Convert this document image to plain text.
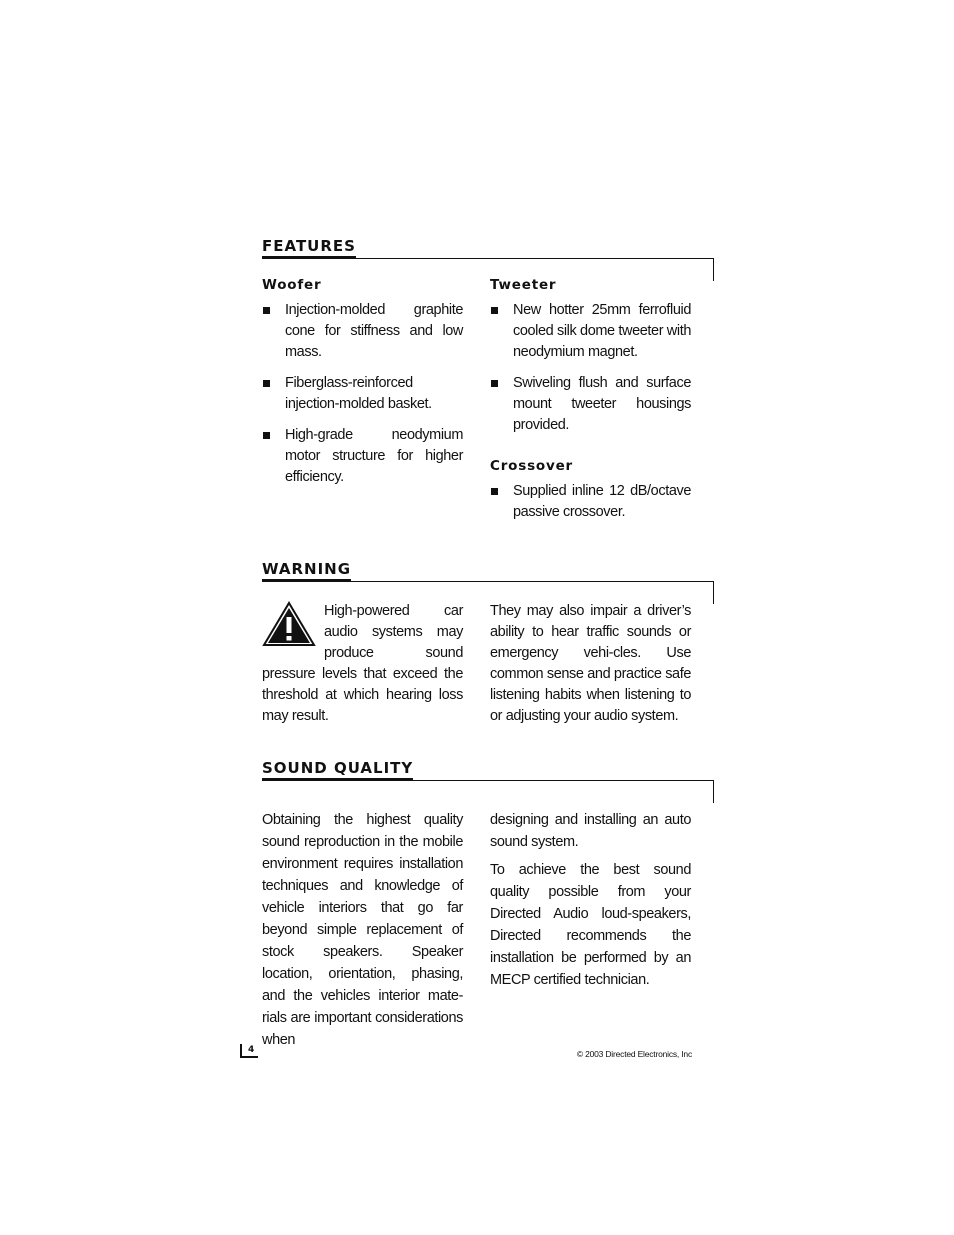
FEATURES
Woofer
Injection-molded graphite cone for stiffness and low mass.
Fiberglass-reinforced injection-molded basket.
High-grade neodymium motor structure for higher efficiency.
Tweeter
New hotter 25mm ferrofluid cooled silk dome tweeter with neodymium magnet.
Swiveling flush and surface mount tweeter housings provided.
Crossover
Supplied inline 12 dB/octave passive crossover.
WARNING

High-powered car audio systems may produce sound pressure levels that exceed the threshold at which hearing loss may result.

They may also impair a driver’s ability to hear traffic sounds or emergency vehi-cles. Use common sense and practice safe listening habits when listening to or adjusting your audio system.

SOUND QUALITY

Obtaining the highest quality sound reproduction in the mobile environment requires installation techniques and knowledge of vehicle interiors that go far beyond simple replacement of stock speakers. Speaker location, orientation, phasing, and the vehicles interior mate-rials are important considerations when

designing and installing an auto sound system.

To achieve the best sound quality possible from your Directed Audio loud-speakers, Directed recommends the installation be performed by an MECP certified technician.

4	© 2003 Directed Electronics, Inc
